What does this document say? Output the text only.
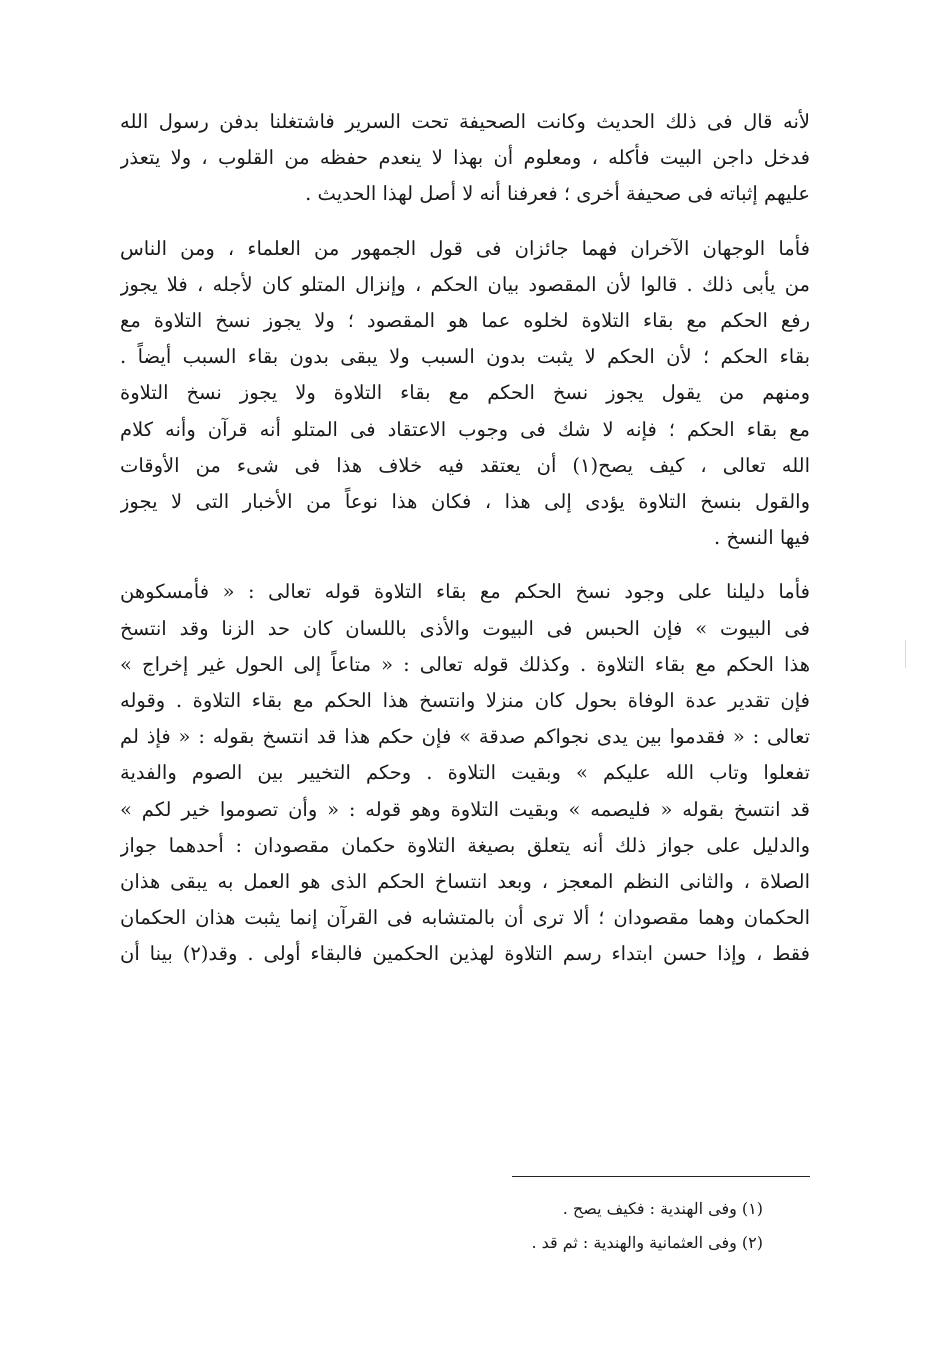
لأنه قال فى ذلك الحديث وكانت الصحيفة تحت السرير فاشتغلنا بدفن رسول الله
فدخل داجن البيت فأكله ، ومعلوم أن بهذا لا ينعدم حفظه من القلوب ، ولا يتعذر
عليهم إثباته فى صحيفة أخرى ؛ فعرفنا أنه لا أصل لهذا الحديث .

فأما الوجهان الآخران فهما جائزان فى قول الجمهور من العلماء ، ومن الناس
من يأبى ذلك . قالوا لأن المقصود بيان الحكم ، وإنزال المتلو كان لأجله ، فلا يجوز
رفع الحكم مع بقاء التلاوة لخلوه عما هو المقصود ؛ ولا يجوز نسخ التلاوة مع
بقاء الحكم ؛ لأن الحكم لا يثبت بدون السبب ولا يبقى بدون بقاء السبب أيضاً .
ومنهم من يقول يجوز نسخ الحكم مع بقاء التلاوة ولا يجوز نسخ التلاوة
مع بقاء الحكم ؛ فإنه لا شك فى وجوب الاعتقاد فى المتلو أنه قرآن وأنه كلام
الله تعالى ، كيف يصح(١) أن يعتقد فيه خلاف هذا فى شىء من الأوقات
والقول بنسخ التلاوة يؤدى إلى هذا ، فكان هذا نوعاً من الأخبار التى لا يجوز
فيها النسخ .

فأما دليلنا على وجود نسخ الحكم مع بقاء التلاوة قوله تعالى : « فأمسكوهن
فى البيوت » فإن الحبس فى البيوت والأذى باللسان كان حد الزنا وقد انتسخ
هذا الحكم مع بقاء التلاوة . وكذلك قوله تعالى : « متاعاً إلى الحول غير إخراج »
فإن تقدير عدة الوفاة بحول كان منزلا وانتسخ هذا الحكم مع بقاء التلاوة . وقوله
تعالى : « فقدموا بين يدى نجواكم صدقة » فإن حكم هذا قد انتسخ بقوله : « فإذ لم
تفعلوا وتاب الله عليكم » وبقيت التلاوة . وحكم التخيير بين الصوم والفدية
قد انتسخ بقوله « فليصمه » وبقيت التلاوة وهو قوله : « وأن تصوموا خير لكم »
والدليل على جواز ذلك أنه يتعلق بصيغة التلاوة حكمان مقصودان : أحدهما جواز
الصلاة ، والثانى النظم المعجز ، وبعد انتساخ الحكم الذى هو العمل به يبقى هذان
الحكمان وهما مقصودان ؛ ألا ترى أن بالمتشابه فى القرآن إنما يثبت هذان الحكمان
فقط ، وإذا حسن ابتداء رسم التلاوة لهذين الحكمين فالبقاء أولى . وقد(٢) بينا أن

(١) وفى الهندية : فكيف يصح .
(٢) وفى العثمانية والهندية : ثم قد .
